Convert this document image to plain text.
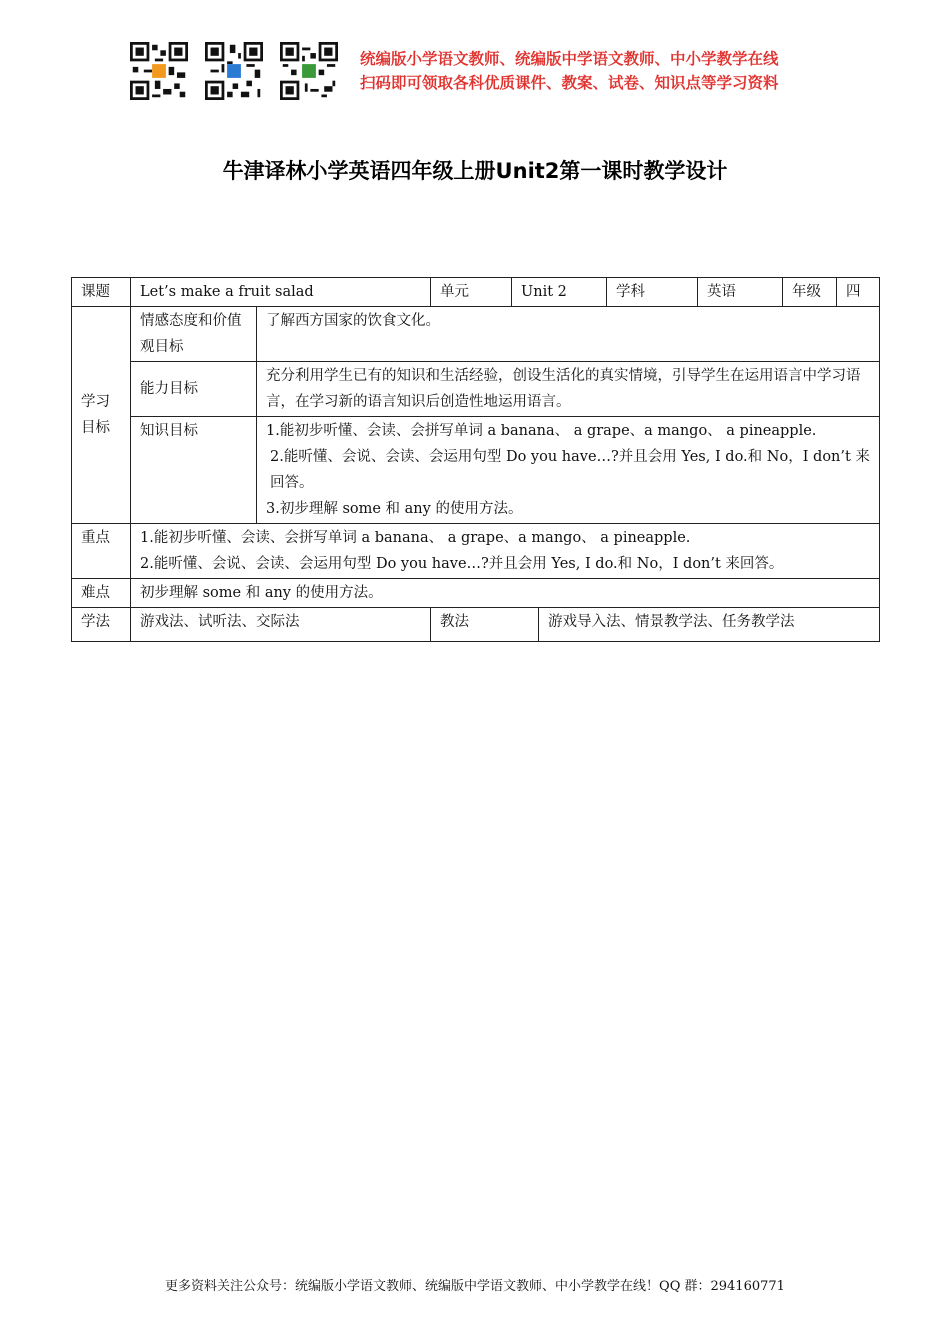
统编版小学语文教师、统编版中学语文教师、中小学教学在线
扫码即可领取各科优质课件、教案、试卷、知识点等学习资料
牛津译林小学英语四年级上册Unit2第一课时教学设计
课题	Let’s make a fruit salad		单元	Unit 2		学科	英语	年级 四

学习目标	情感态度和价值观目标	了解西方国家的饮食文化。						
	能力目标	充分利用学生已有的知识和生活经验，创设生活化的真实情境，引导学生在运用语言中学习语言，在学习新的语言知识后创造性地运用语言。						
	知识目标	1.能初步听懂、会读、会拼写单词 a banana、 a grape、a mango、 a pineapple.
2.能听懂、会说、会读、会运用句型 Do you have…?并且会用 Yes, I do.和 No，I don’t 来回答。
3.初步理解 some 和 any 的使用方法。						

重点	1.能初步听懂、会读、会拼写单词 a banana、 a grape、a mango、 a pineapple.
2.能听懂、会说、会读、会运用句型 Do you have…?并且会用 Yes, I do.和 No，I don’t 来回答。							

难点	初步理解 some 和 any 的使用方法。							
学法	游戏法、试听法、交际法		教法		游戏导入法、情景教学法、任务教学法			
更多资料关注公众号：统编版小学语文教师、统编版中学语文教师、中小学教学在线！QQ 群：294160771
